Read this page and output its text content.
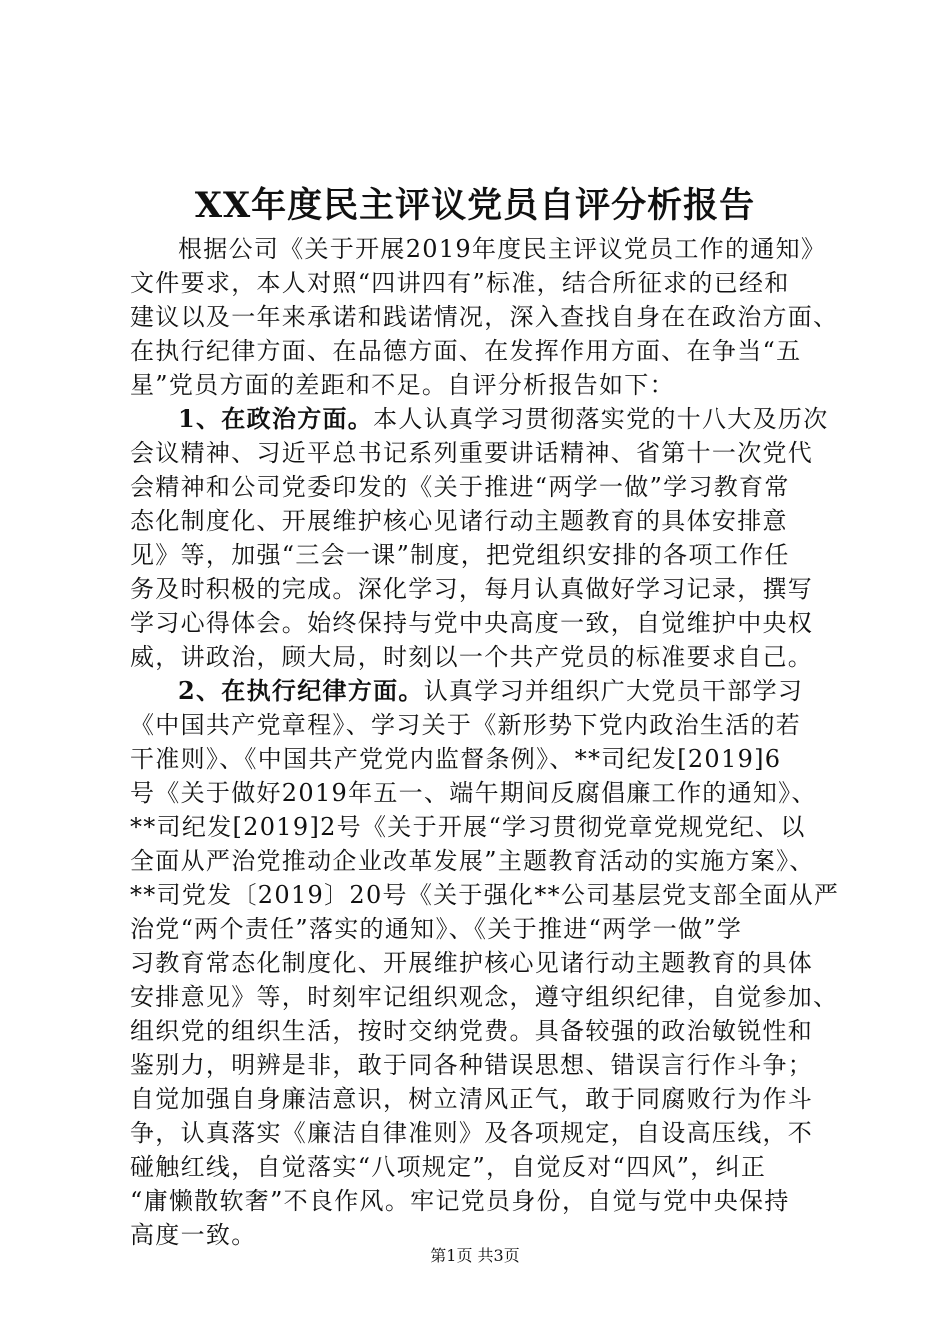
XX年度民主评议党员自评分析报告
根据公司《关于开展2019年度民主评议党员工作的通知》
文件要求，本人对照“四讲四有”标准，结合所征求的已经和
建议以及一年来承诺和践诺情况，深入查找自身在在政治方面、
在执行纪律方面、在品德方面、在发挥作用方面、在争当“五
星”党员方面的差距和不足。自评分析报告如下：
1、在政治方面。本人认真学习贯彻落实党的十八大及历次
会议精神、习近平总书记系列重要讲话精神、省第十一次党代
会精神和公司党委印发的《关于推进“两学一做”学习教育常
态化制度化、开展维护核心见诸行动主题教育的具体安排意
见》等，加强“三会一课”制度，把党组织安排的各项工作任
务及时积极的完成。深化学习，每月认真做好学习记录，撰写
学习心得体会。始终保持与党中央高度一致，自觉维护中央权
威，讲政治，顾大局，时刻以一个共产党员的标准要求自己。
2、在执行纪律方面。认真学习并组织广大党员干部学习
《中国共产党章程》、学习关于《新形势下党内政治生活的若
干准则》、《中国共产党党内监督条例》、**司纪发[2019]6
号《关于做好2019年五一、端午期间反腐倡廉工作的通知》、
**司纪发[2019]2号《关于开展“学习贯彻党章党规党纪、以
全面从严治党推动企业改革发展”主题教育活动的实施方案》、
**司党发〔2019〕20号《关于强化**公司基层党支部全面从严
治党“两个责任”落实的通知》、《关于推进“两学一做”学
习教育常态化制度化、开展维护核心见诸行动主题教育的具体
安排意见》等，时刻牢记组织观念，遵守组织纪律，自觉参加、
组织党的组织生活，按时交纳党费。具备较强的政治敏锐性和
鉴别力，明辨是非，敢于同各种错误思想、错误言行作斗争；
自觉加强自身廉洁意识，树立清风正气，敢于同腐败行为作斗
争，认真落实《廉洁自律准则》及各项规定，自设高压线，不
碰触红线，自觉落实“八项规定”，自觉反对“四风”，纠正
“庸懒散软奢”不良作风。牢记党员身份，自觉与党中央保持
高度一致。
第1页 共3页
